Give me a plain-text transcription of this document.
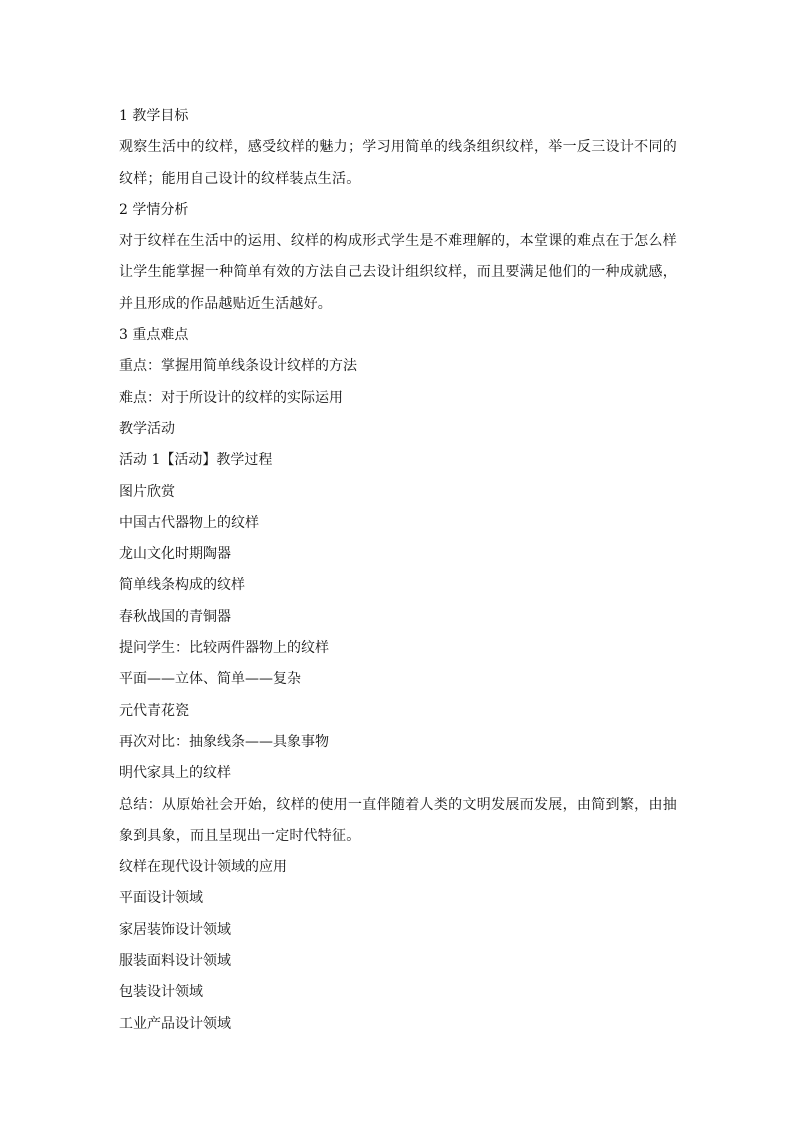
1 教学目标
观察生活中的纹样，感受纹样的魅力；学习用简单的线条组织纹样，举一反三设计不同的纹样；能用自己设计的纹样装点生活。
2 学情分析
对于纹样在生活中的运用、纹样的构成形式学生是不难理解的，本堂课的难点在于怎么样让学生能掌握一种简单有效的方法自己去设计组织纹样，而且要满足他们的一种成就感，并且形成的作品越贴近生活越好。
3 重点难点
重点：掌握用简单线条设计纹样的方法
难点：对于所设计的纹样的实际运用
教学活动
活动 1【活动】教学过程
图片欣赏
中国古代器物上的纹样
龙山文化时期陶器
简单线条构成的纹样
春秋战国的青铜器
提问学生：比较两件器物上的纹样
平面——立体、简单——复杂
元代青花瓷
再次对比：抽象线条——具象事物
明代家具上的纹样
总结：从原始社会开始，纹样的使用一直伴随着人类的文明发展而发展，由简到繁，由抽象到具象，而且呈现出一定时代特征。
纹样在现代设计领域的应用
平面设计领域
家居装饰设计领域
服装面料设计领域
包装设计领域
工业产品设计领域
